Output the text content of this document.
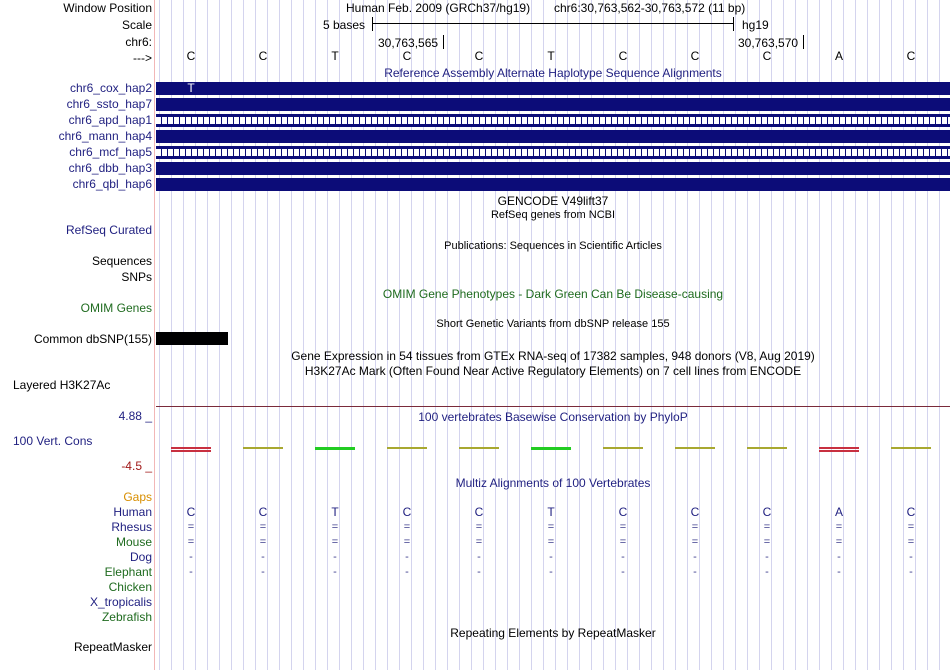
Window Position
Scale
chr6:
--->
Human Feb. 2009 (GRCh37/hg19) chr6:30,763,562-30,763,572 (11 bp)
5 bases	hg19
30,763,565	30,763,570
C	C	T	C	C	T	C	C	C	A	C
Reference Assembly Alternate Haplotype Sequence Alignments
chr6_cox_hap2	T
chr6_ssto_hap7
chr6_apd_hap1
chr6_mann_hap4
chr6_mcf_hap5
chr6_dbb_hap3
chr6_qbl_hap6
GENCODE V49lift37
RefSeq genes from NCBI
RefSeq Curated
Publications: Sequences in Scientific Articles
Sequences
SNPs
OMIM Gene Phenotypes - Dark Green Can Be Disease-causing
OMIM Genes
Short Genetic Variants from dbSNP release 155
Common dbSNP(155)
Gene Expression in 54 tissues from GTEx RNA-seq of 17382 samples, 948 donors (V8, Aug 2019)
H3K27Ac Mark (Often Found Near Active Regulatory Elements) on 7 cell lines from ENCODE
Layered H3K27Ac
4.88 _	100 vertebrates Basewise Conservation by PhyloP
100 Vert. Cons
-4.5 _
Multiz Alignments of 100 Vertebrates
Gaps
Human	C	C	T	C	C	T	C	C	C	A	C
Rhesus	=	=	=	=	=	=	=	=	=	=	=
Mouse	=	=	=	=	=	=	=	=	=	=	=
Dog	-	-	-	-	-	-	-	-	-	-	-
Elephant	-	-	-	-	-	-	-	-	-	-	-
Chicken
X_tropicalis
Zebrafish
Repeating Elements by RepeatMasker
RepeatMasker
